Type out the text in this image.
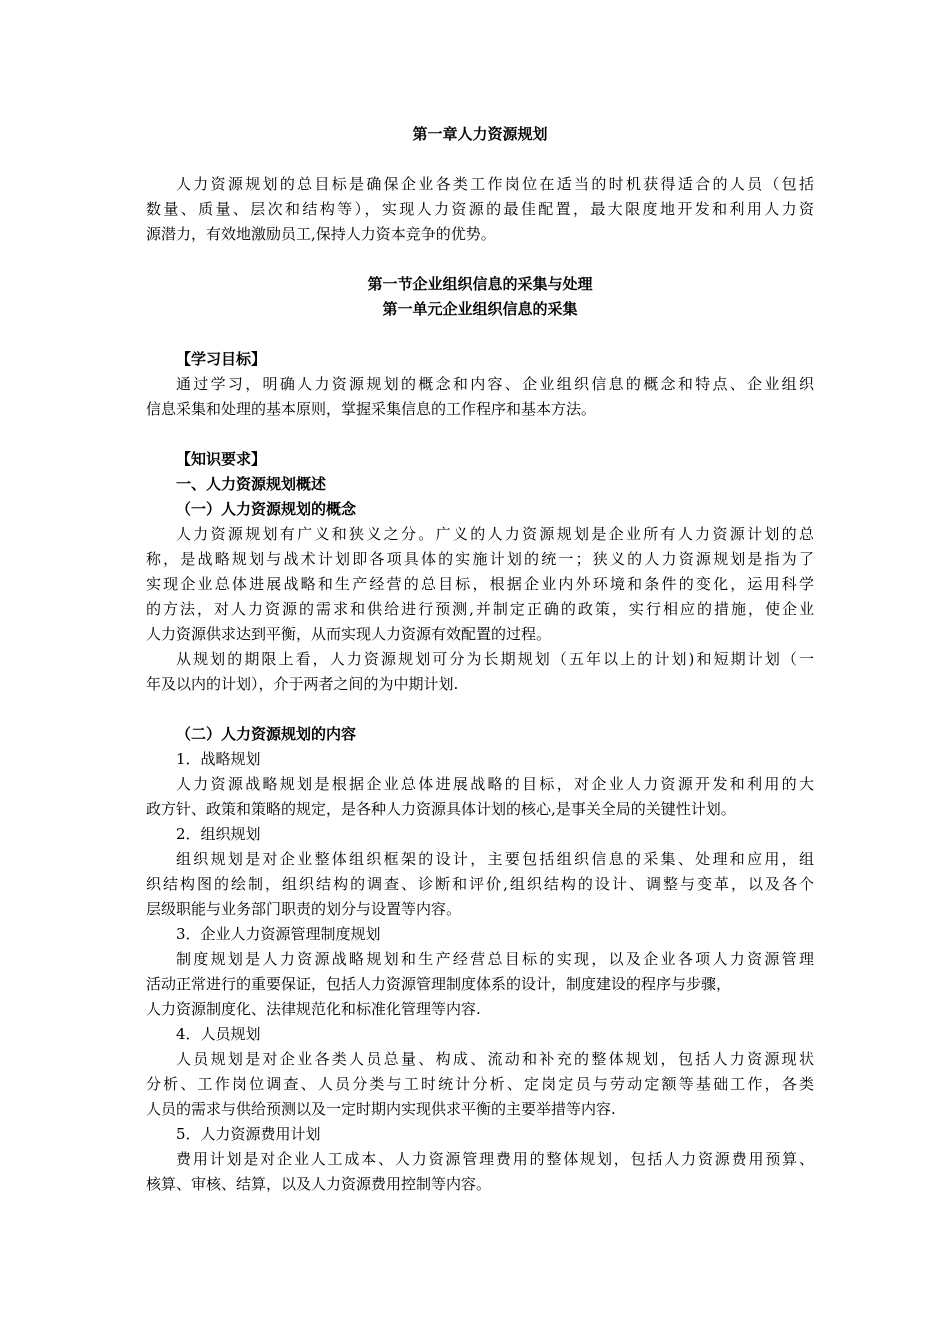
第一章人力资源规划

人力资源规划的总目标是确保企业各类工作岗位在适当的时机获得适合的人员（包括

数量、质量、层次和结构等），实现人力资源的最佳配置，最大限度地开发和利用人力资

源潜力，有效地激励员工,保持人力资本竞争的优势。

第一节企业组织信息的采集与处理

第一单元企业组织信息的采集

【学习目标】

通过学习，明确人力资源规划的概念和内容、企业组织信息的概念和特点、企业组织

信息采集和处理的基本原则，掌握采集信息的工作程序和基本方法。

【知识要求】

一、人力资源规划概述

（一）人力资源规划的概念

人力资源规划有广义和狭义之分。广义的人力资源规划是企业所有人力资源计划的总

称，是战略规划与战术计划即各项具体的实施计划的统一；狭义的人力资源规划是指为了

实现企业总体进展战略和生产经营的总目标，根据企业内外环境和条件的变化，运用科学

的方法，对人力资源的需求和供给进行预测,并制定正确的政策，实行相应的措施，使企业

人力资源供求达到平衡，从而实现人力资源有效配置的过程。

从规划的期限上看，人力资源规划可分为长期规划（五年以上的计划)和短期计划（一

年及以内的计划），介于两者之间的为中期计划.

（二）人力资源规划的内容

1．战略规划

人力资源战略规划是根据企业总体进展战略的目标，对企业人力资源开发和利用的大

政方针、政策和策略的规定，是各种人力资源具体计划的核心,是事关全局的关键性计划。

2．组织规划

组织规划是对企业整体组织框架的设计，主要包括组织信息的采集、处理和应用，组

织结构图的绘制，组织结构的调查、诊断和评价,组织结构的设计、调整与变革，以及各个

层级职能与业务部门职责的划分与设置等内容。

3．企业人力资源管理制度规划

制度规划是人力资源战略规划和生产经营总目标的实现，以及企业各项人力资源管理

活动正常进行的重要保证，包括人力资源管理制度体系的设计，制度建设的程序与步骤，

人力资源制度化、法律规范化和标准化管理等内容.

4．人员规划

人员规划是对企业各类人员总量、构成、流动和补充的整体规划，包括人力资源现状

分析、工作岗位调查、人员分类与工时统计分析、定岗定员与劳动定额等基础工作，各类

人员的需求与供给预测以及一定时期内实现供求平衡的主要举措等内容.

5．人力资源费用计划

费用计划是对企业人工成本、人力资源管理费用的整体规划，包括人力资源费用预算、

核算、审核、结算，以及人力资源费用控制等内容。
